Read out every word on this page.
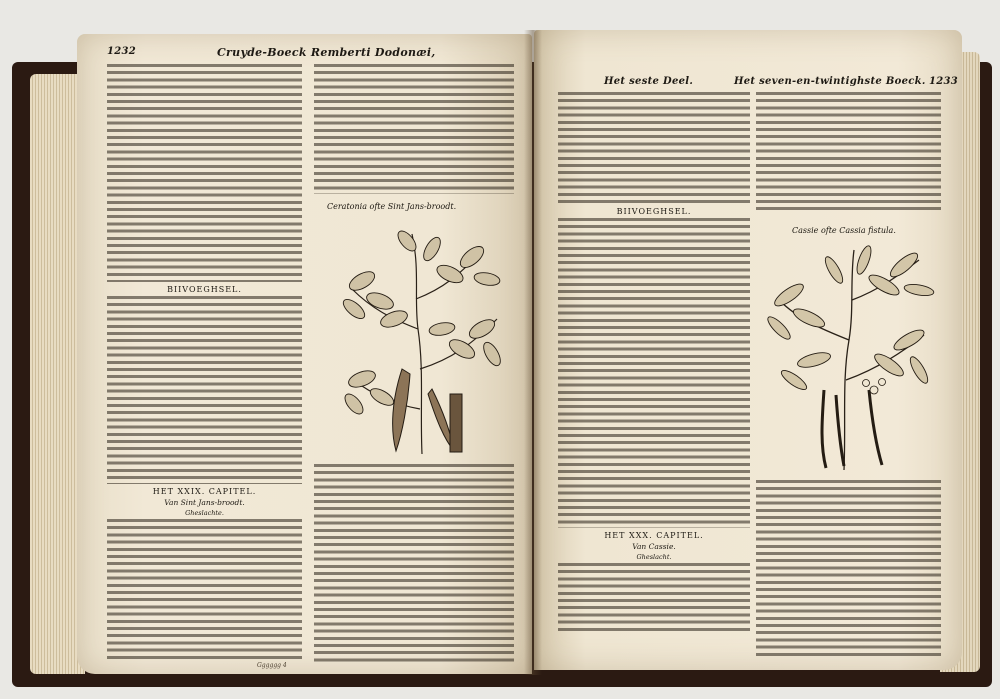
1232	Cruyde-Boeck Remberti Dodonæi,
BIIVOEGHSEL.
HET XXIX. CAPITEL.
Van Sint Jans-broodt.
Gheslachte.
Ceratonia ofte Sint Jans-broodt.
Gggggg 4
Het seste Deel.	Het seven-en-twintighste Boeck. 1233
BIIVOEGHSEL.
HET XXX. CAPITEL.
Van Cassie.
Gheslacht.
Cassie ofte Cassia fistula.
